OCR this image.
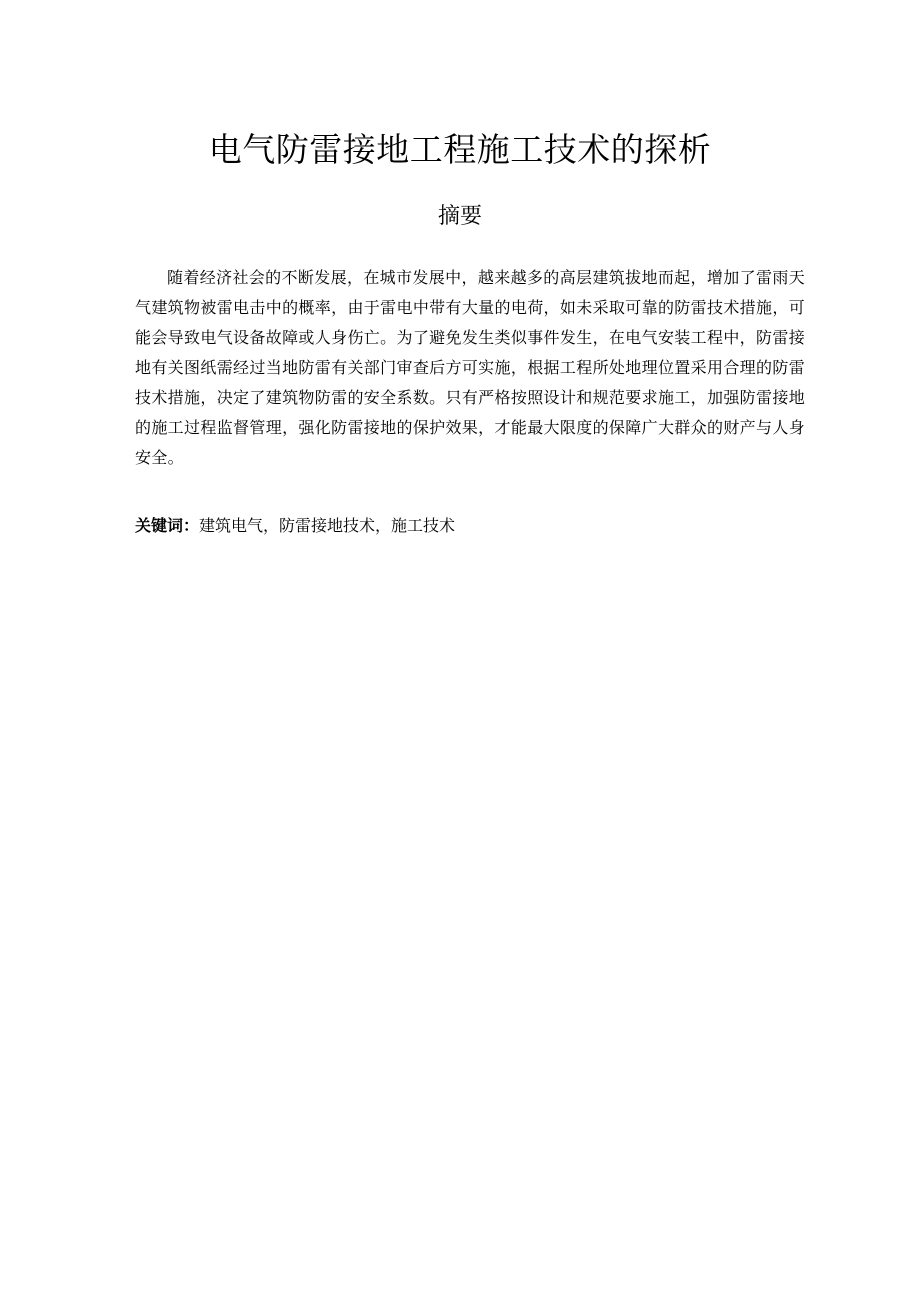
电气防雷接地工程施工技术的探析
摘要

随着经济社会的不断发展，在城市发展中，越来越多的高层建筑拔地而起，增加了雷雨天气建筑物被雷电击中的概率，由于雷电中带有大量的电荷，如未采取可靠的防雷技术措施，可能会导致电气设备故障或人身伤亡。为了避免发生类似事件发生，在电气安装工程中，防雷接地有关图纸需经过当地防雷有关部门审查后方可实施，根据工程所处地理位置采用合理的防雷技术措施，决定了建筑物防雷的安全系数。只有严格按照设计和规范要求施工，加强防雷接地的施工过程监督管理，强化防雷接地的保护效果，才能最大限度的保障广大群众的财产与人身安全。

关键词：建筑电气，防雷接地技术，施工技术
